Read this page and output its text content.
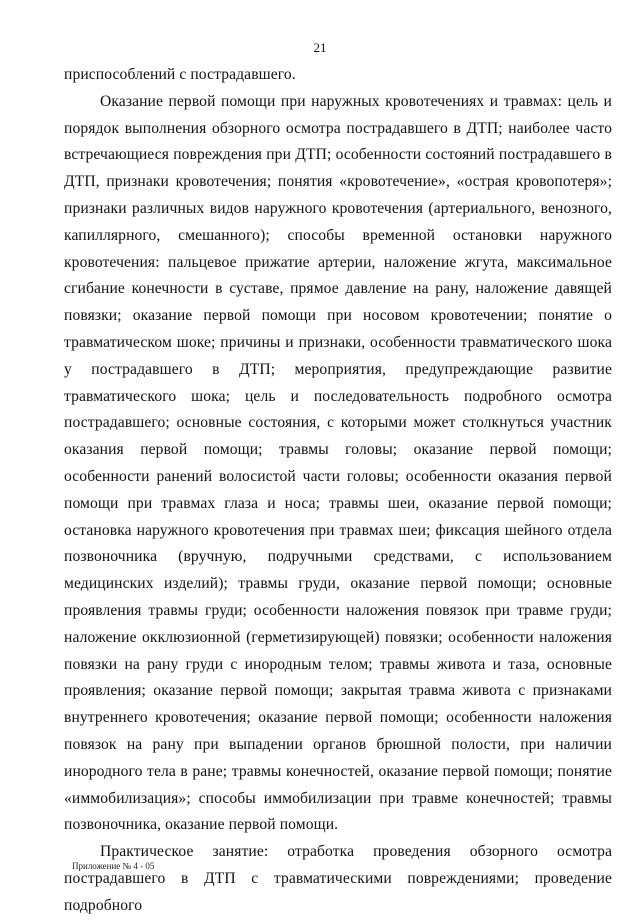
21

приспособлений с пострадавшего.

Оказание первой помощи при наружных кровотечениях и травмах: цель и порядок выполнения обзорного осмотра пострадавшего в ДТП; наиболее часто встречающиеся повреждения при ДТП; особенности состояний пострадавшего в ДТП, признаки кровотечения; понятия «кровотечение», «острая кровопотеря»; признаки различных видов наружного кровотечения (артериального, венозного, капиллярного, смешанного); способы временной остановки наружного кровотечения: пальцевое прижатие артерии, наложение жгута, максимальное сгибание конечности в суставе, прямое давление на рану, наложение давящей повязки; оказание первой помощи при носовом кровотечении; понятие о травматическом шоке; причины и признаки, особенности травматического шока у пострадавшего в ДТП; мероприятия, предупреждающие развитие травматического шока; цель и последовательность подробного осмотра пострадавшего; основные состояния, с которыми может столкнуться участник оказания первой помощи; травмы головы; оказание первой помощи; особенности ранений волосистой части головы; особенности оказания первой помощи при травмах глаза и носа; травмы шеи, оказание первой помощи; остановка наружного кровотечения при травмах шеи; фиксация шейного отдела позвоночника (вручную, подручными средствами, с использованием медицинских изделий); травмы груди, оказание первой помощи; основные проявления травмы груди; особенности наложения повязок при травме груди; наложение окклюзионной (герметизирующей) повязки; особенности наложения повязки на рану груди с инородным телом; травмы живота и таза, основные проявления; оказание первой помощи; закрытая травма живота с признаками внутреннего кровотечения; оказание первой помощи; особенности наложения повязок на рану при выпадении органов брюшной полости, при наличии инородного тела в ране; травмы конечностей, оказание первой помощи; понятие «иммобилизация»; способы иммобилизации при травме конечностей; травмы позвоночника, оказание первой помощи.

Практическое занятие: отработка проведения обзорного осмотра пострадавшего в ДТП с травматическими повреждениями; проведение подробного

Приложение № 4 - 05
